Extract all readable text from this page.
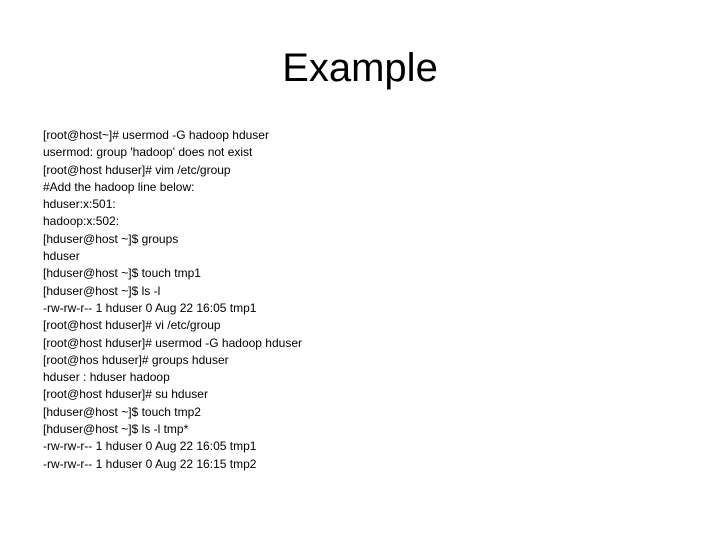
Example
[root@host~]# usermod -G hadoop hduser
usermod: group 'hadoop' does not exist
[root@host hduser]# vim /etc/group
#Add the hadoop line below:
hduser:x:501:
hadoop:x:502:
[hduser@host ~]$ groups
hduser
[hduser@host ~]$ touch tmp1
[hduser@host ~]$ ls -l
-rw-rw-r-- 1 hduser 0 Aug 22 16:05 tmp1
[root@host hduser]# vi /etc/group
[root@host hduser]# usermod -G hadoop hduser
[root@hos hduser]# groups hduser
hduser : hduser hadoop
[root@host hduser]# su hduser
[hduser@host ~]$ touch tmp2
[hduser@host ~]$ ls -l tmp*
-rw-rw-r-- 1 hduser 0 Aug 22 16:05 tmp1
-rw-rw-r-- 1 hduser 0 Aug 22 16:15 tmp2
